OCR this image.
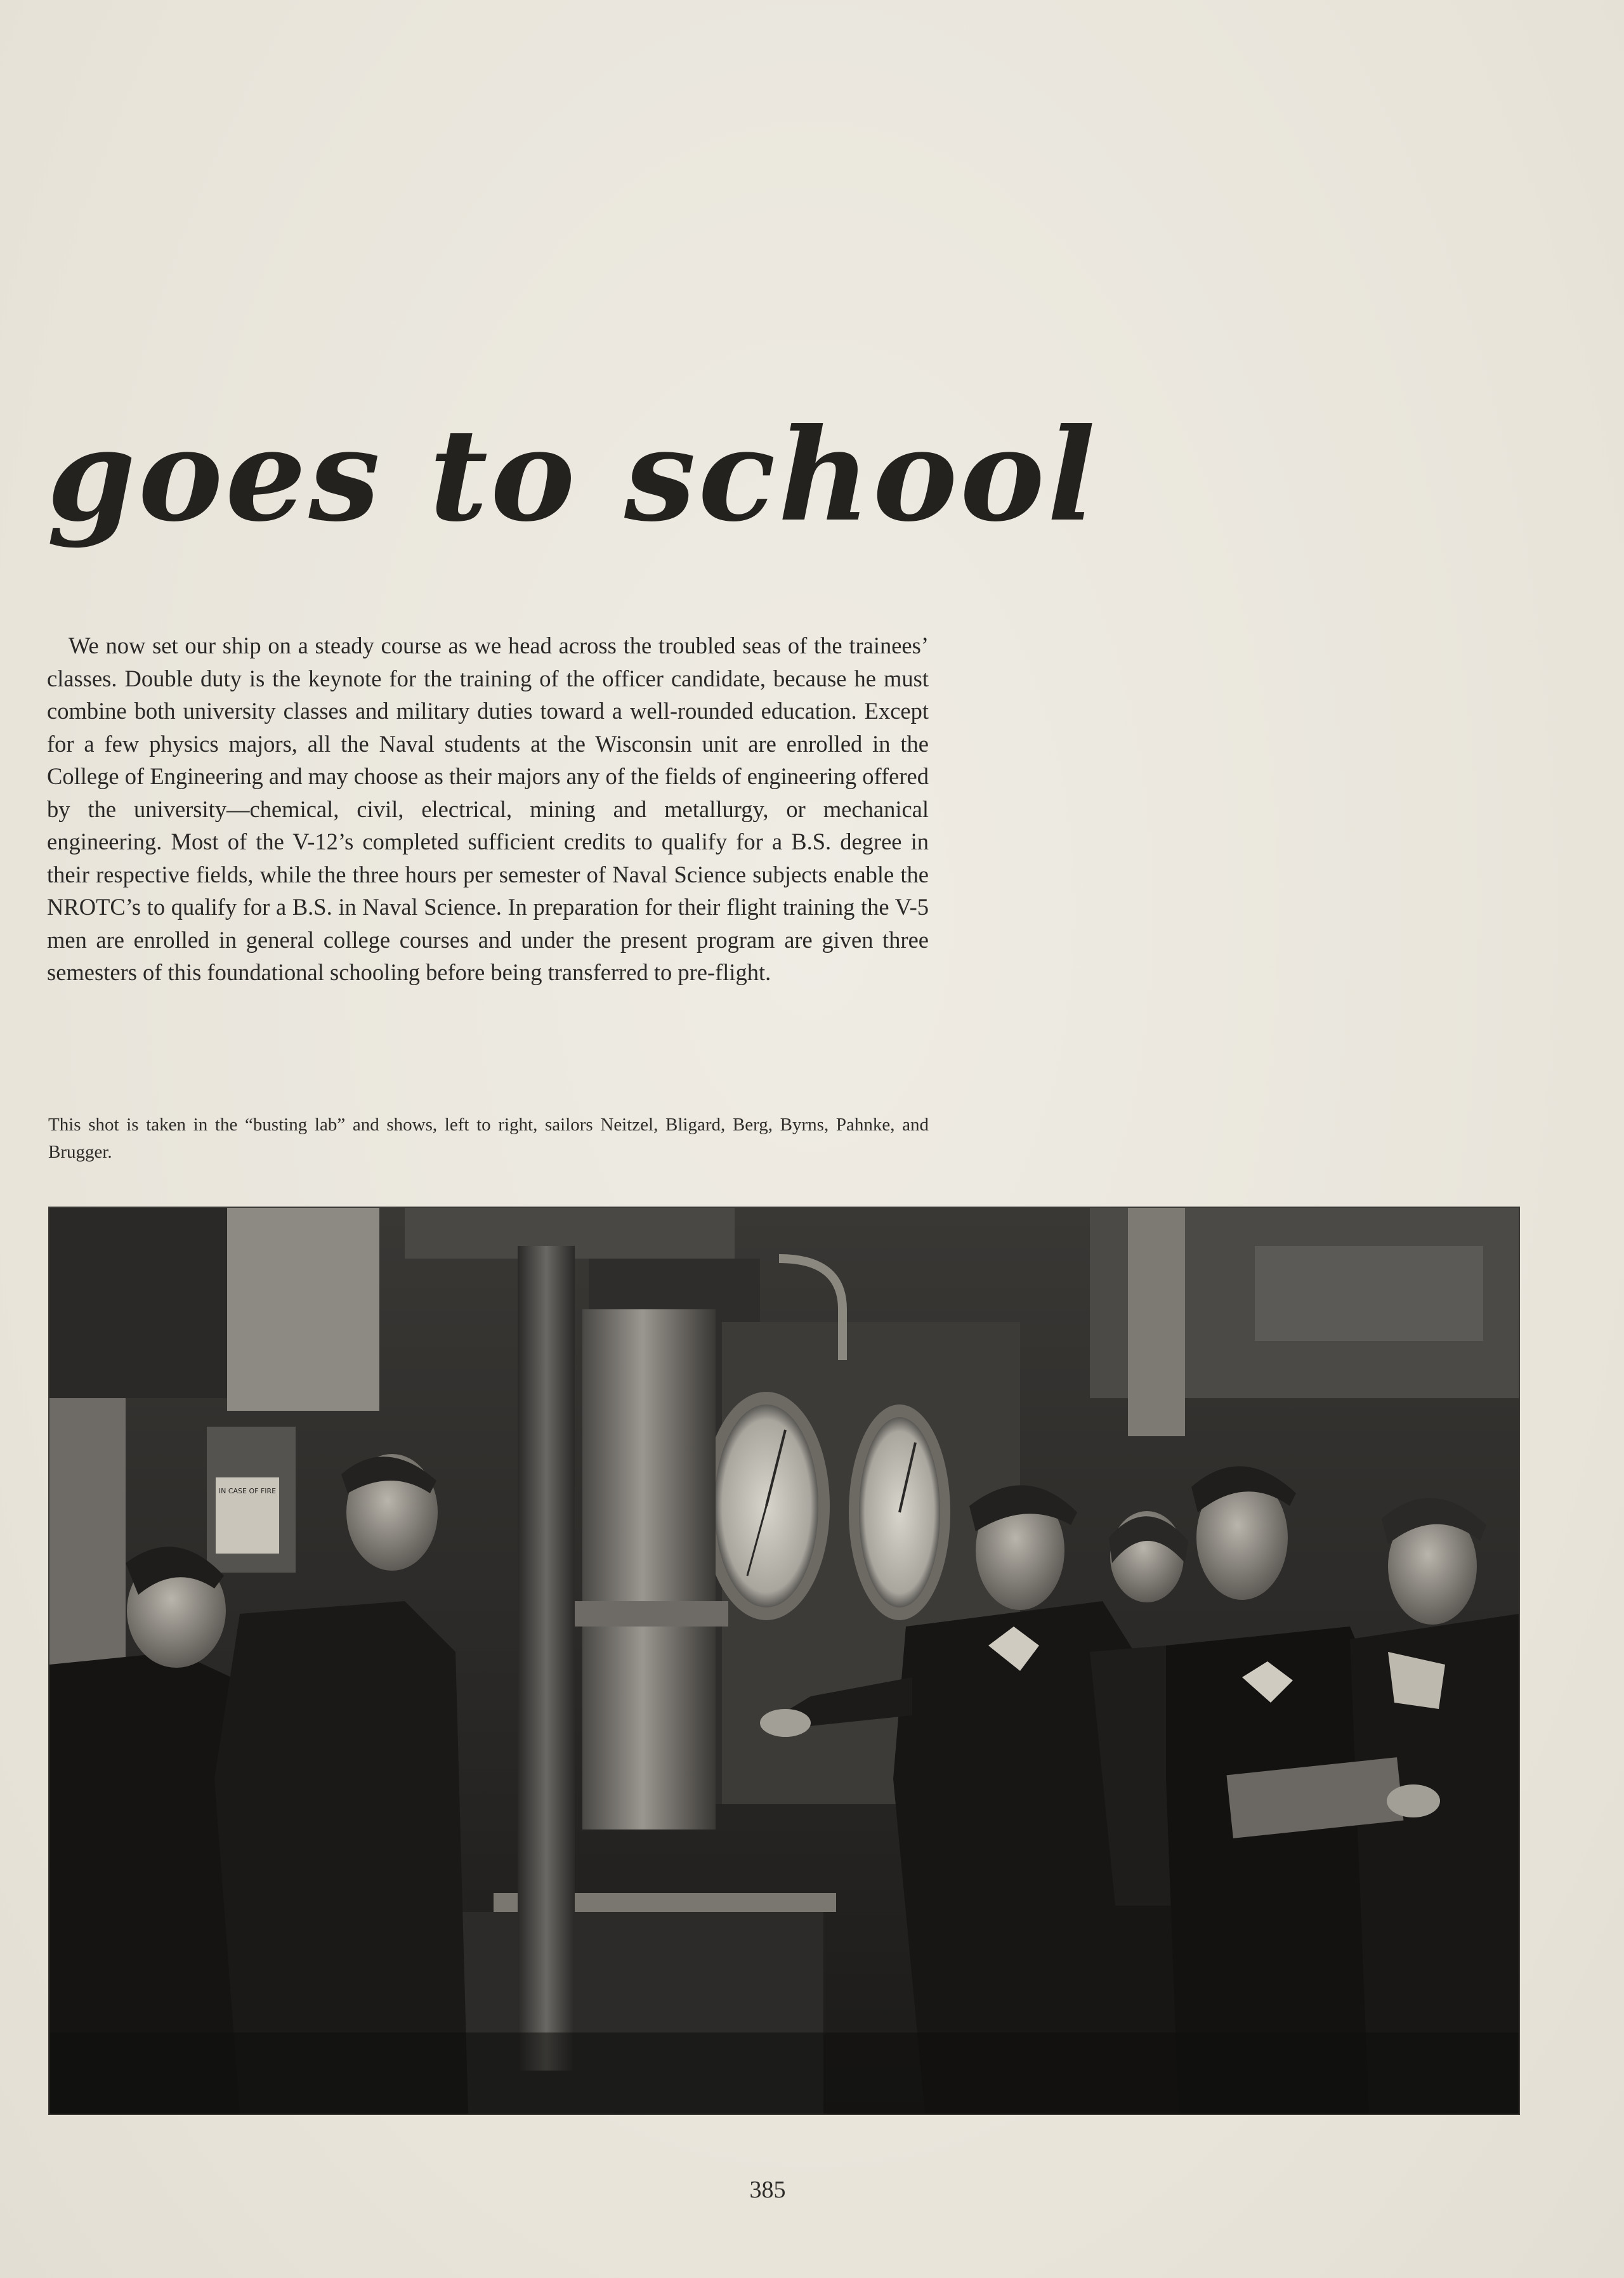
goes to school

We now set our ship on a steady course as we head across the troubled seas of the trainees’ classes. Double duty is the keynote for the training of the officer candidate, because he must combine both university classes and military duties toward a well-rounded education. Except for a few physics majors, all the Naval students at the Wisconsin unit are enrolled in the College of Engineering and may choose as their majors any of the fields of engineering offered by the university—chemical, civil, electrical, mining and metallurgy, or mechanical engineering. Most of the V-12’s completed sufficient credits to qualify for a B.S. degree in their respective fields, while the three hours per semester of Naval Science subjects enable the NROTC’s to qualify for a B.S. in Naval Science. In preparation for their flight training the V-5 men are enrolled in general college courses and under the present program are given three semesters of this foundational schooling before being transferred to pre-flight.

This shot is taken in the “busting lab” and shows, left to right, sailors Neitzel, Bligard, Berg, Byrns, Pahnke, and Brugger.

IN CASE OF FIRE
385
